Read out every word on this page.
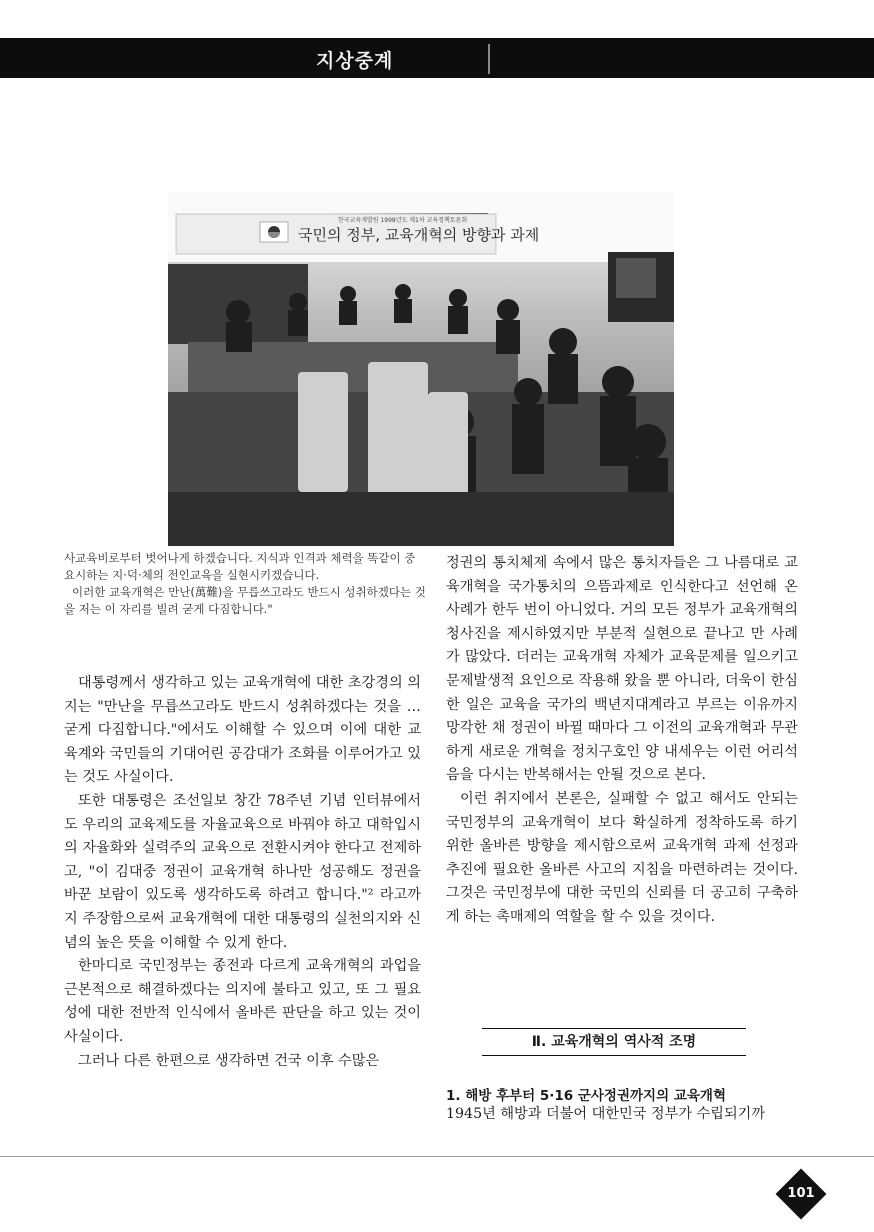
지상중계
한국교육개발원 1998년도 제1차 교육정책토론회
국민의 정부, 교육개혁의 방향과 과제

사교육비로부터 벗어나게 하겠습니다. 지식과 인격과 체력을 똑같이 중요시하는 지·덕·체의 전인교육을 실현시키겠습니다.

이러한 교육개혁은 만난(萬難)을 무릅쓰고라도 반드시 성취하겠다는 것을 저는 이 자리를 빌려 굳게 다짐합니다."

대통령께서 생각하고 있는 교육개혁에 대한 초강경의 의지는 "만난을 무릅쓰고라도 반드시 성취하겠다는 것을 … 굳게 다짐합니다."에서도 이해할 수 있으며 이에 대한 교육계와 국민들의 기대어린 공감대가 조화를 이루어가고 있는 것도 사실이다.

또한 대통령은 조선일보 창간 78주년 기념 인터뷰에서도 우리의 교육제도를 자율교육으로 바꿔야 하고 대학입시의 자율화와 실력주의 교육으로 전환시켜야 한다고 전제하고, "이 김대중 정권이 교육개혁 하나만 성공해도 정권을 바꾼 보람이 있도록 생각하도록 하려고 합니다."² 라고까지 주장함으로써 교육개혁에 대한 대통령의 실천의지와 신념의 높은 뜻을 이해할 수 있게 한다.

한마디로 국민정부는 종전과 다르게 교육개혁의 과업을 근본적으로 해결하겠다는 의지에 불타고 있고, 또 그 필요성에 대한 전반적 인식에서 올바른 판단을 하고 있는 것이 사실이다.

그러나 다른 한편으로 생각하면 건국 이후 수많은

정권의 통치체제 속에서 많은 통치자들은 그 나름대로 교육개혁을 국가통치의 으뜸과제로 인식한다고 선언해 온 사례가 한두 번이 아니었다. 거의 모든 정부가 교육개혁의 청사진을 제시하였지만 부분적 실현으로 끝나고 만 사례가 많았다. 더러는 교육개혁 자체가 교육문제를 일으키고 문제발생적 요인으로 작용해 왔을 뿐 아니라, 더욱이 한심한 일은 교육을 국가의 백년지대계라고 부르는 이유까지 망각한 채 정권이 바뀔 때마다 그 이전의 교육개혁과 무관하게 새로운 개혁을 정치구호인 양 내세우는 이런 어리석음을 다시는 반복해서는 안될 것으로 본다.

이런 취지에서 본론은, 실패할 수 없고 해서도 안되는 국민정부의 교육개혁이 보다 확실하게 정착하도록 하기 위한 올바른 방향을 제시함으로써 교육개혁 과제 선정과 추진에 필요한 올바른 사고의 지침을 마련하려는 것이다. 그것은 국민정부에 대한 국민의 신뢰를 더 공고히 구축하게 하는 촉매제의 역할을 할 수 있을 것이다.

Ⅱ. 교육개혁의 역사적 조명
1. 해방 후부터 5·16 군사정권까지의 교육개혁
1945년 해방과 더불어 대한민국 정부가 수립되기까
101
